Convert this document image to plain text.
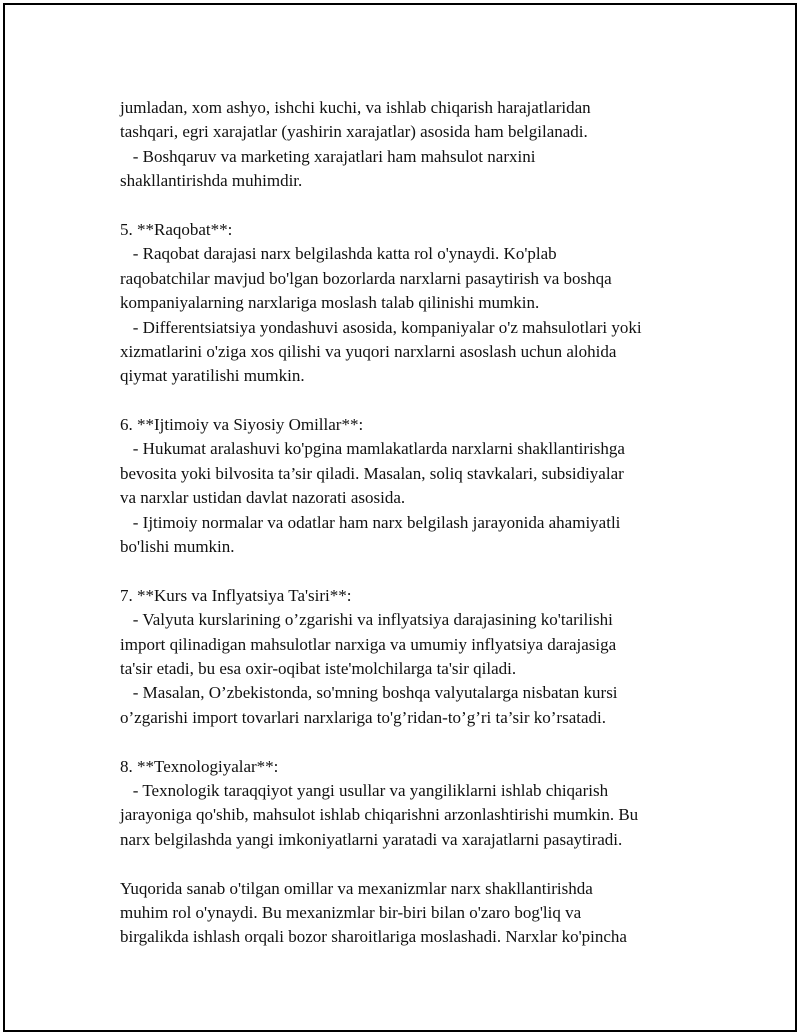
jumladan, xom ashyo, ishchi kuchi, va ishlab chiqarish harajatlaridan
tashqari, egri xarajatlar (yashirin xarajatlar) asosida ham belgilanadi.
- Boshqaruv va marketing xarajatlari ham mahsulot narxini
shakllantirishda muhimdir.
5. **Raqobat**:
- Raqobat darajasi narx belgilashda katta rol o'ynaydi. Ko'plab
raqobatchilar mavjud bo'lgan bozorlarda narxlarni pasaytirish va boshqa
kompaniyalarning narxlariga moslash talab qilinishi mumkin.
- Differentsiatsiya yondashuvi asosida, kompaniyalar o'z mahsulotlari yoki
xizmatlarini o'ziga xos qilishi va yuqori narxlarni asoslash uchun alohida
qiymat yaratilishi mumkin.
6. **Ijtimoiy va Siyosiy Omillar**:
- Hukumat aralashuvi ko'pgina mamlakatlarda narxlarni shakllantirishga
bevosita yoki bilvosita ta’sir qiladi. Masalan, soliq stavkalari, subsidiyalar
va narxlar ustidan davlat nazorati asosida.
- Ijtimoiy normalar va odatlar ham narx belgilash jarayonida ahamiyatli
bo'lishi mumkin.
7. **Kurs va Inflyatsiya Ta'siri**:
- Valyuta kurslarining o’zgarishi va inflyatsiya darajasining ko'tarilishi
import qilinadigan mahsulotlar narxiga va umumiy inflyatsiya darajasiga
ta'sir etadi, bu esa oxir-oqibat iste'molchilarga ta'sir qiladi.
- Masalan, O’zbekistonda, so'mning boshqa valyutalarga nisbatan kursi
o’zgarishi import tovarlari narxlariga to'g’ridan-to’g’ri ta’sir ko’rsatadi.
8. **Texnologiyalar**:
- Texnologik taraqqiyot yangi usullar va yangiliklarni ishlab chiqarish
jarayoniga qo'shib, mahsulot ishlab chiqarishni arzonlashtirishi mumkin. Bu
narx belgilashda yangi imkoniyatlarni yaratadi va xarajatlarni pasaytiradi.
Yuqorida sanab o'tilgan omillar va mexanizmlar narx shakllantirishda
muhim rol o'ynaydi. Bu mexanizmlar bir-biri bilan o'zaro bog'liq va
birgalikda ishlash orqali bozor sharoitlariga moslashadi. Narxlar ko'pincha
